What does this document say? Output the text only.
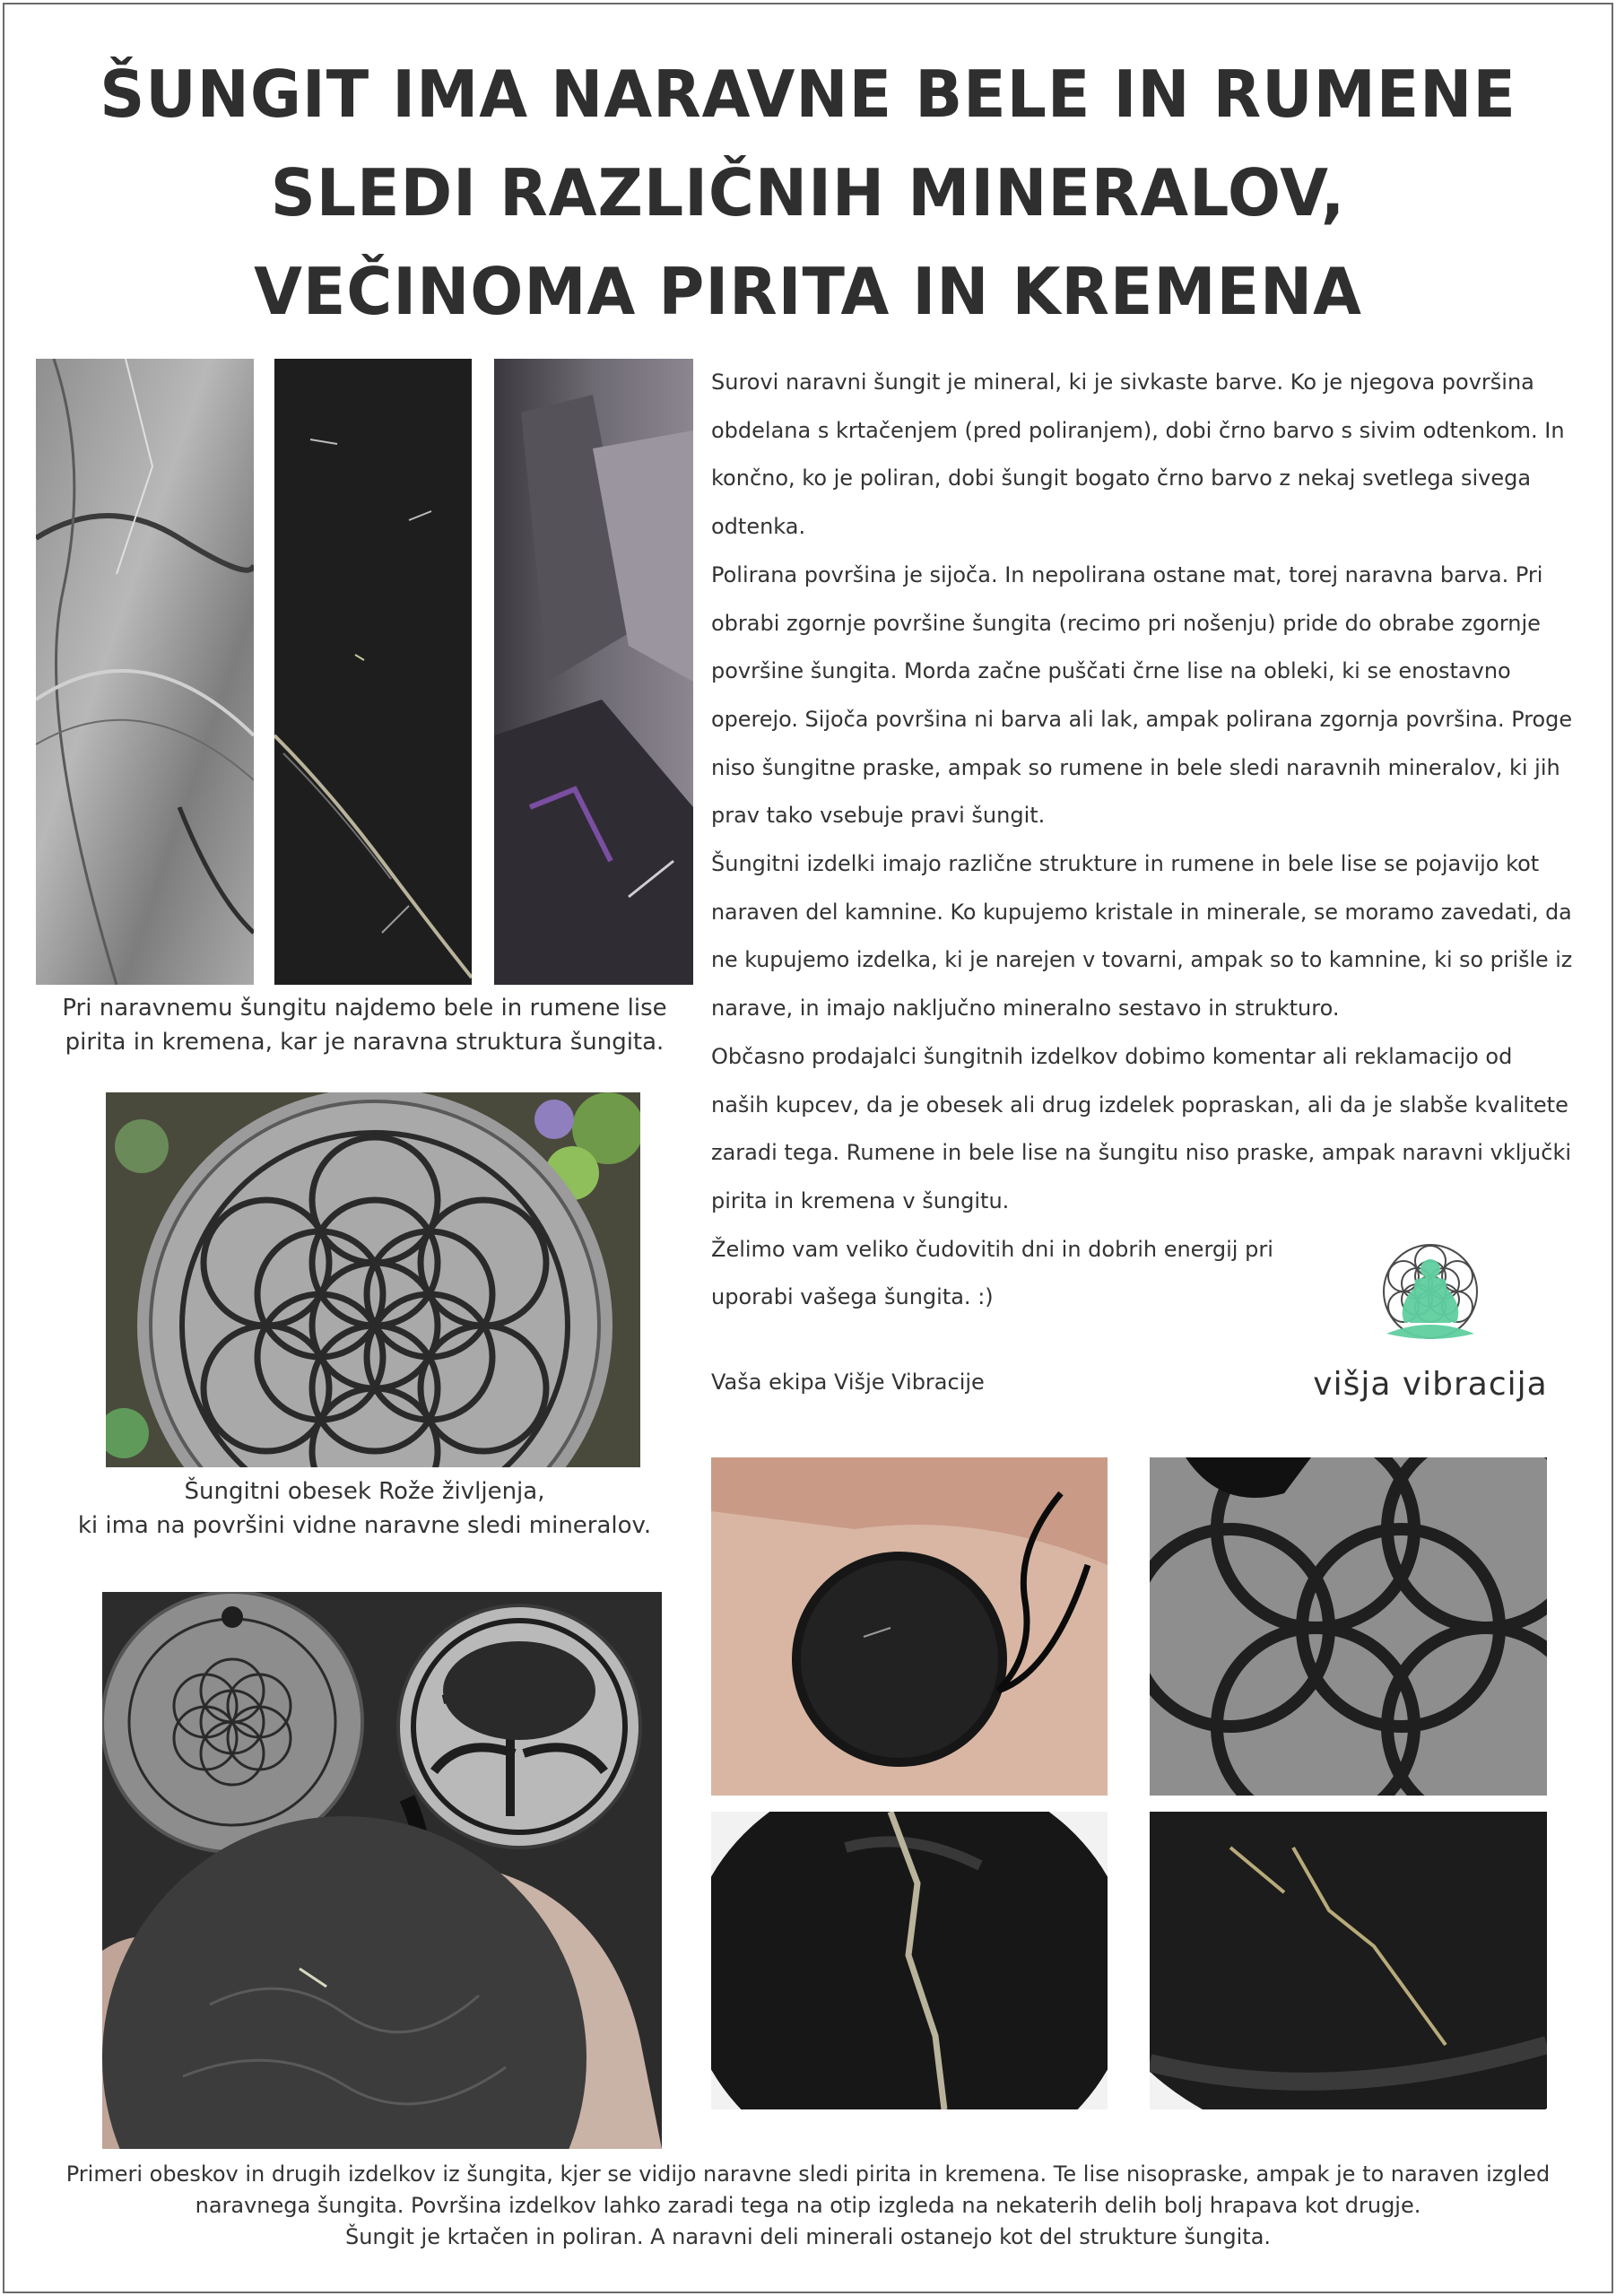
ŠUNGIT IMA NARAVNE BELE IN RUMENE
SLEDI RAZLIČNIH MINERALOV,
VEČINOMA PIRITA IN KREMENA
Pri naravnemu šungitu najdemo bele in rumene lise
pirita in kremena, kar je naravna struktura šungita.
Šungitni obesek Rože življenja,
ki ima na površini vidne naravne sledi mineralov.
Surovi naravni šungit je mineral, ki je sivkaste barve. Ko je njegova površina
obdelana s krtačenjem (pred poliranjem), dobi črno barvo s sivim odtenkom. In
končno, ko je poliran, dobi šungit bogato črno barvo z nekaj svetlega sivega
odtenka.
Polirana površina je sijoča. In nepolirana ostane mat, torej naravna barva. Pri
obrabi zgornje površine šungita (recimo pri nošenju) pride do obrabe zgornje
površine šungita. Morda začne puščati črne lise na obleki, ki se enostavno
operejo. Sijoča površina ni barva ali lak, ampak polirana zgornja površina. Proge
niso šungitne praske, ampak so rumene in bele sledi naravnih mineralov, ki jih
prav tako vsebuje pravi šungit.
Šungitni izdelki imajo različne strukture in rumene in bele lise se pojavijo kot
naraven del kamnine. Ko kupujemo kristale in minerale, se moramo zavedati, da
ne kupujemo izdelka, ki je narejen v tovarni, ampak so to kamnine, ki so prišle iz
narave, in imajo naključno mineralno sestavo in strukturo.
Občasno prodajalci šungitnih izdelkov dobimo komentar ali reklamacijo od
naših kupcev, da je obesek ali drug izdelek popraskan, ali da je slabše kvalitete
zaradi tega. Rumene in bele lise na šungitu niso praske, ampak naravni vključki
pirita in kremena v šungitu.
Želimo vam veliko čudovitih dni in dobrih energij pri
uporabi vašega šungita. :)
višja vibracija
Vaša ekipa Višje Vibracije
Primeri obeskov in drugih izdelkov iz šungita, kjer se vidijo naravne sledi pirita in kremena. Te lise nisopraske, ampak je to naraven izgled
naravnega šungita. Površina izdelkov lahko zaradi tega na otip izgleda na nekaterih delih bolj hrapava kot drugje.
Šungit je krtačen in poliran. A naravni deli minerali ostanejo kot del strukture šungita.
